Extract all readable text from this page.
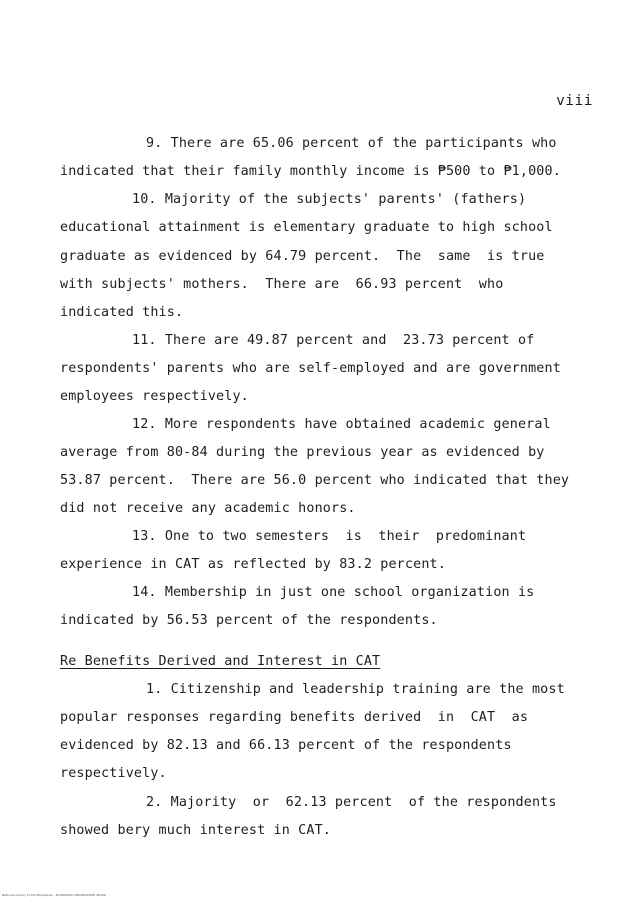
viii
9. There are 65.06 percent of the participants who
indicated that their family monthly income is ₱500 to ₱1,000.
10. Majority of the subjects' parents' (fathers)
educational attainment is elementary graduate to high school
graduate as evidenced by 64.79 percent.  The  same  is true
with subjects' mothers.  There are  66.93 percent  who
indicated this.
11. There are 49.87 percent and  23.73 percent of
respondents' parents who are self-employed and are government
employees respectively.
12. More respondents have obtained academic general
average from 80-84 during the previous year as evidenced by
53.87 percent.  There are 56.0 percent who indicated that they
did not receive any academic honors.
13. One to two semesters  is  their  predominant
experience in CAT as reflected by 83.2 percent.
14. Membership in just one school organization is
indicated by 56.53 percent of the respondents.
Re Benefits Derived and Interest in CAT
1. Citizenship and leadership training are the most
popular responses regarding benefits derived  in  CAT  as
evidenced by 82.13 and 66.13 percent of the respondents
respectively.
2. Majority  or  62.13 percent  of the respondents
showed bery much interest in CAT.
National Library of the Philippines · FILIPINIANA UNPUBLISHED WORK
